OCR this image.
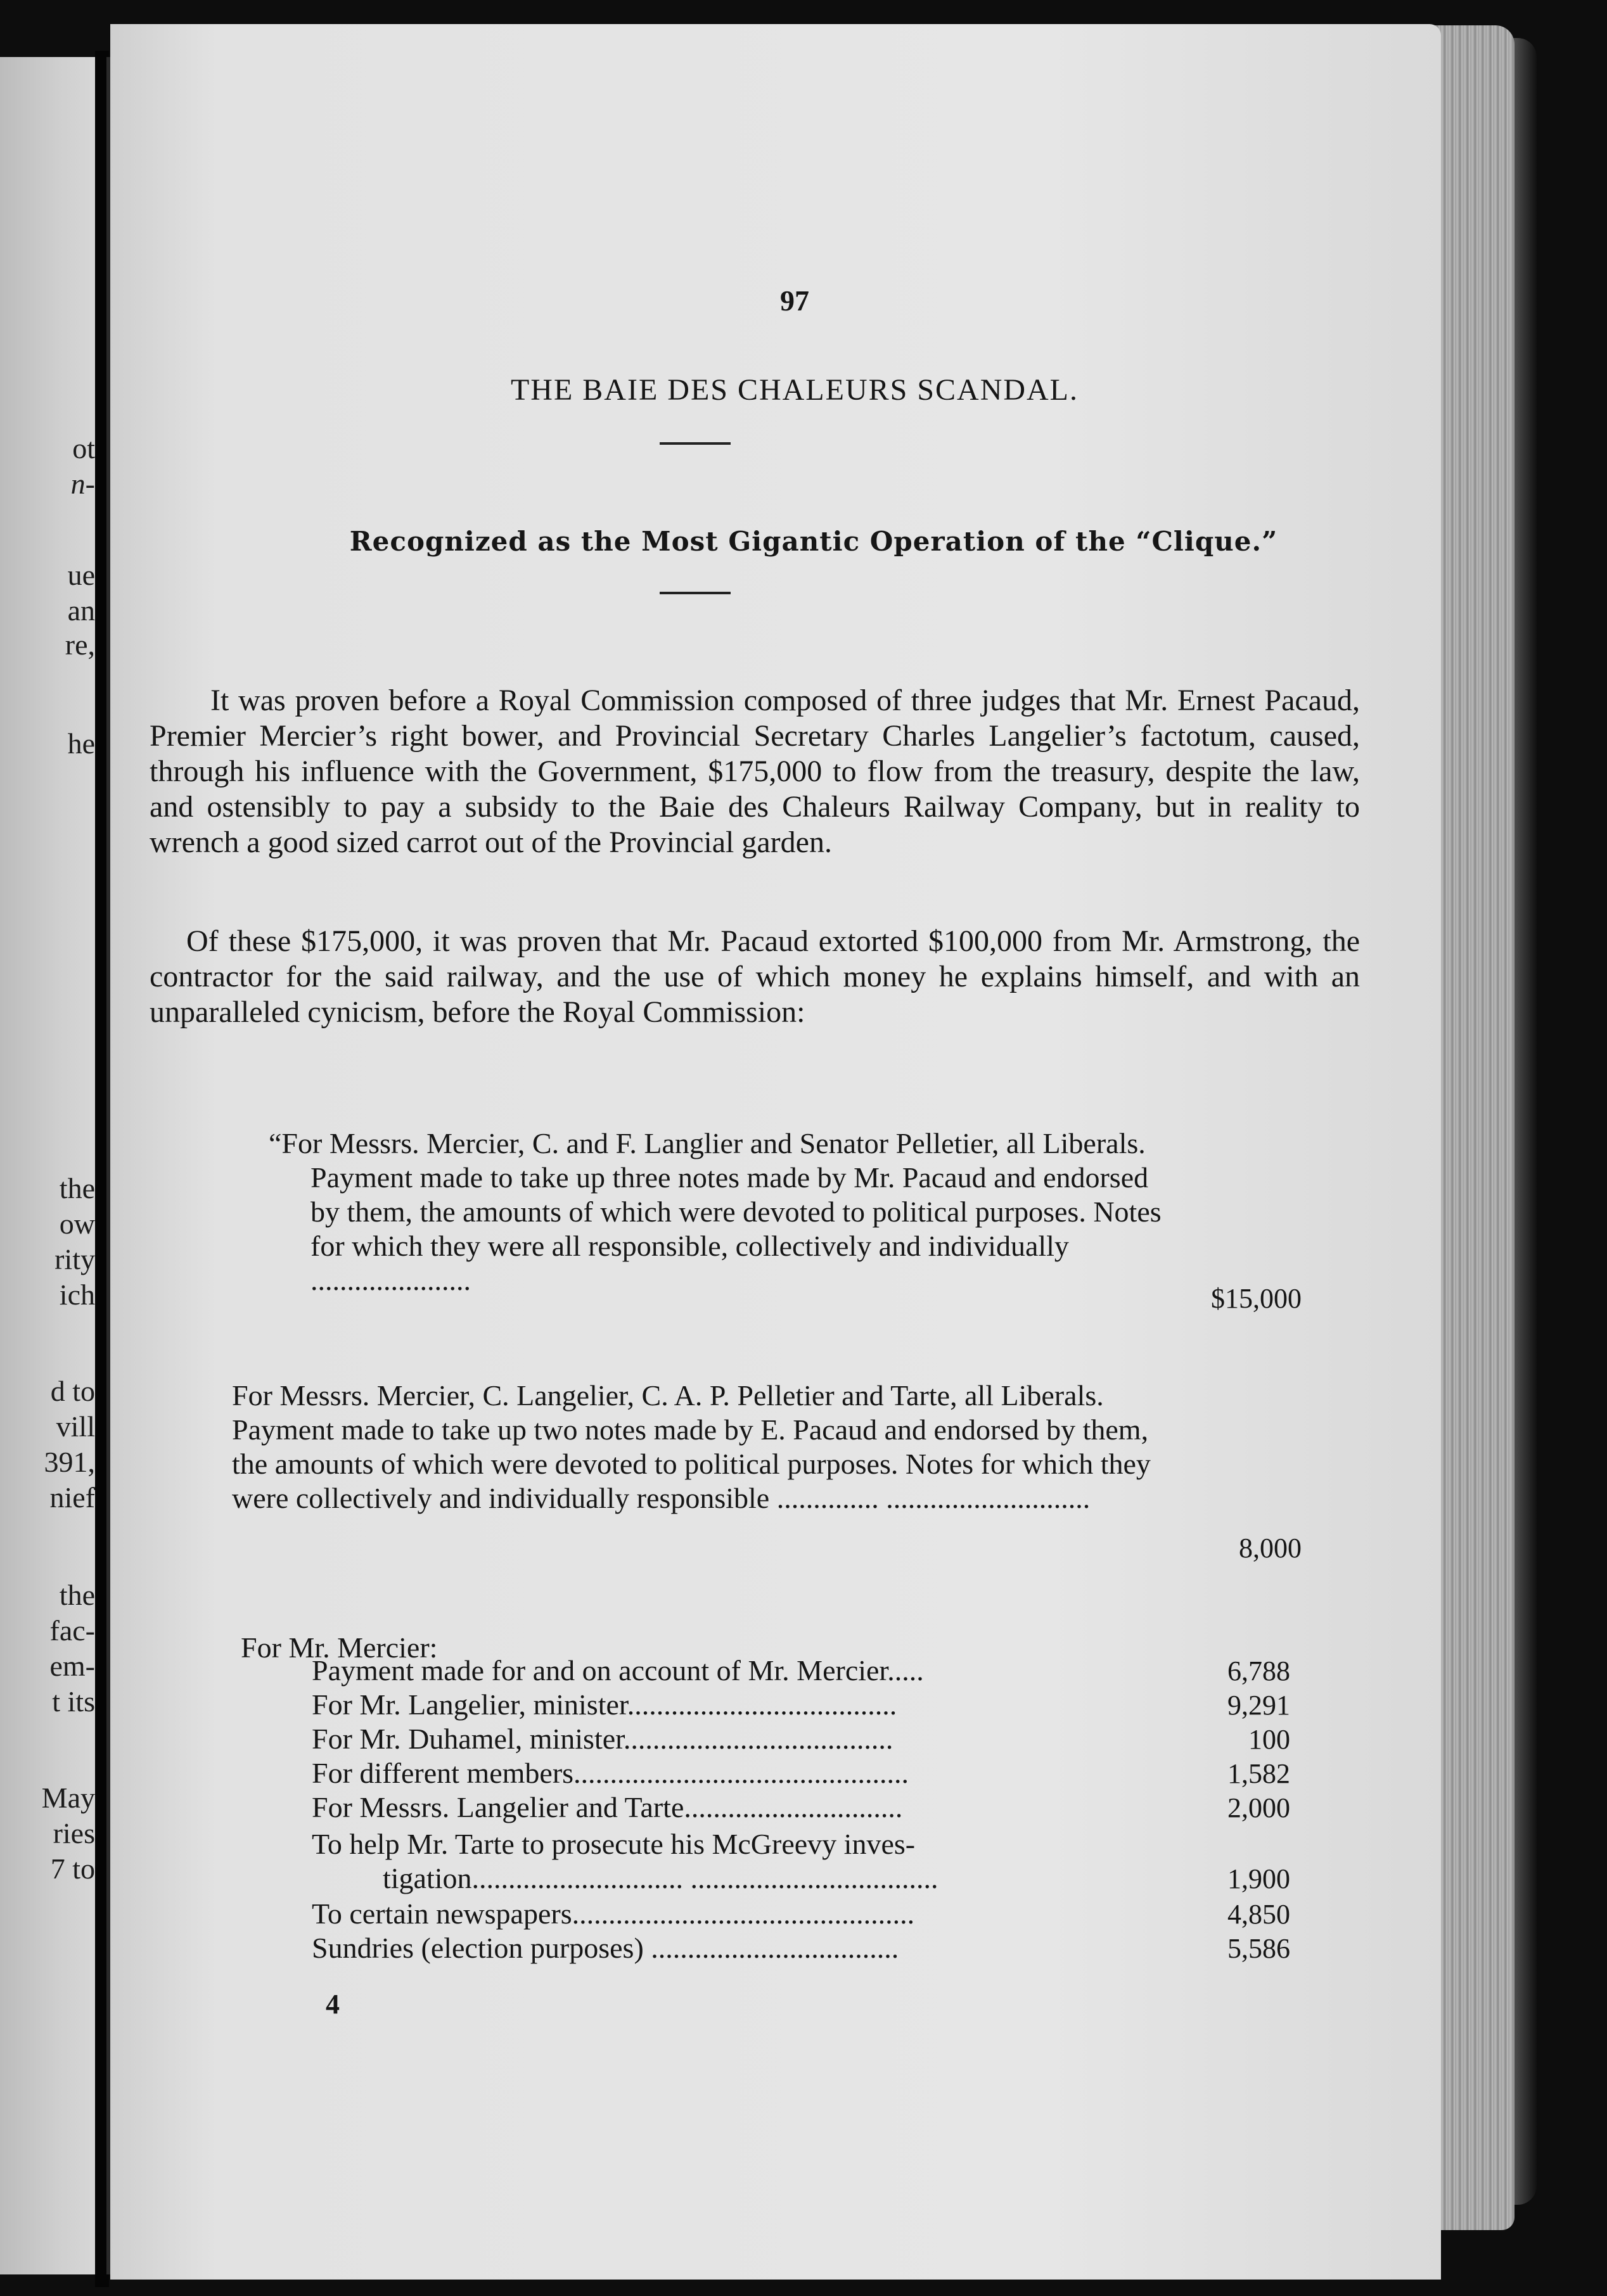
ot
n-
ue
an
re,
he
the
ow
rity
ich
d to
vill
391,
nief
the
fac-
em-
t its
May
ries
7 to
97
THE BAIE DES CHALEURS SCANDAL.
Recognized as the Most Gigantic Operation of the “Clique.”
It was proven before a Royal Commission composed of three judges that Mr. Ernest Pacaud, Premier Mercier’s right bower, and Provincial Secretary Charles Langelier’s factotum, caused, through his influence with the Government, $175,000 to flow from the treasury, despite the law, and ostensibly to pay a subsidy to the Baie des Chaleurs Railway Company, but in reality to wrench a good sized carrot out of the Provincial garden.
Of these $175,000, it was proven that Mr. Pacaud extorted $100,000 from Mr. Armstrong, the contractor for the said railway, and the use of which money he explains himself, and with an unparalleled cynicism, before the Royal Commission:
“For Messrs. Mercier, C. and F. Langlier and Senator Pelletier, all Liberals. Payment made to take up three notes made by Mr. Pacaud and endorsed by them, the amounts of which were devoted to political purposes. Notes for which they were all responsible, collectively and individually ......................
$15,000
For Messrs. Mercier, C. Langelier, C. A. P. Pelletier and Tarte, all Liberals. Payment made to take up two notes made by E. Pacaud and endorsed by them, the amounts of which were devoted to political purposes. Notes for which they were collectively and individually responsible .............. ............................
8,000
For Mr. Mercier:
Payment made for and on account of Mr. Mercier.....	6,788
For Mr. Langelier, minister.....................................	9,291
For Mr. Duhamel, minister.....................................	100
For different members..............................................	1,582
For Messrs. Langelier and Tarte..............................	2,000
To help Mr. Tarte to prosecute his McGreevy inves-
tigation............................. ..................................	1,900
To certain newspapers...............................................	4,850
Sundries (election purposes) ..................................	5,586
4
